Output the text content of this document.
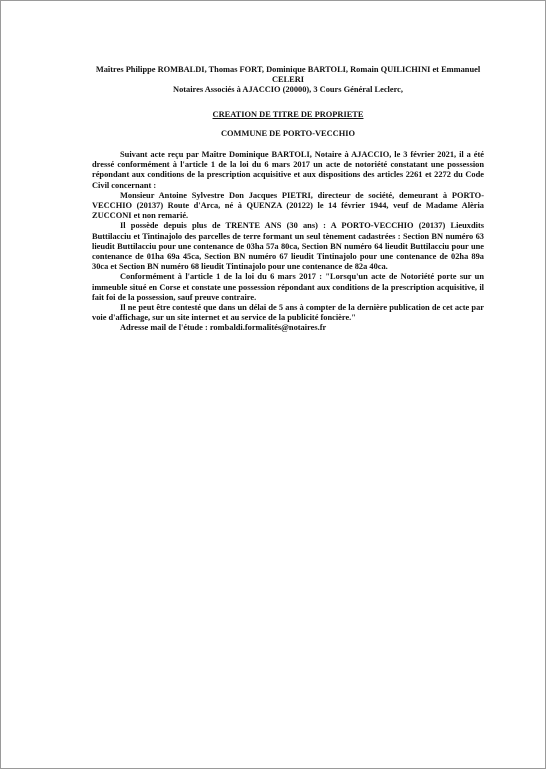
Maîtres Philippe ROMBALDI, Thomas FORT, Dominique BARTOLI, Romain QUILICHINI et Emmanuel CELERI
Notaires Associés à AJACCIO (20000), 3 Cours Général Leclerc,
CREATION DE TITRE DE PROPRIETE
COMMUNE DE PORTO-VECCHIO

Suivant acte reçu par Maître Dominique BARTOLI, Notaire à AJACCIO, le 3 février 2021, il a été dressé conformément à l'article 1 de la loi du 6 mars 2017 un acte de notoriété constatant une possession répondant aux conditions de la prescription acquisitive et aux dispositions des articles 2261 et 2272 du Code Civil concernant :

Monsieur Antoine Sylvestre Don Jacques PIETRI, directeur de société, demeurant à PORTO-VECCHIO (20137) Route d'Arca, né à QUENZA (20122) le 14 février 1944, veuf de Madame Alèria ZUCCONI et non remarié.

Il possède depuis plus de TRENTE ANS (30 ans) : A PORTO-VECCHIO (20137) Lieuxdits Buttilacciu et Tintinajolo des parcelles de terre formant un seul tènement cadastrées : Section BN numéro 63 lieudit Buttilacciu pour une contenance de 03ha 57a 80ca, Section BN numéro 64 lieudit Buttilacciu pour une contenance de 01ha 69a 45ca, Section BN numéro 67 lieudit Tintinajolo pour une contenance de 02ha 89a 30ca et Section BN numéro 68 lieudit Tintinajolo pour une contenance de 82a 40ca.

Conformément à l'article 1 de la loi du 6 mars 2017 : "Lorsqu'un acte de Notoriété porte sur un immeuble situé en Corse et constate une possession répondant aux conditions de la prescription acquisitive, il fait foi de la possession, sauf preuve contraire.

Il ne peut être contesté que dans un délai de 5 ans à compter de la dernière publication de cet acte par voie d'affichage, sur un site internet et au service de la publicité foncière."

Adresse mail de l'étude : rombaldi.formalités@notaires.fr
